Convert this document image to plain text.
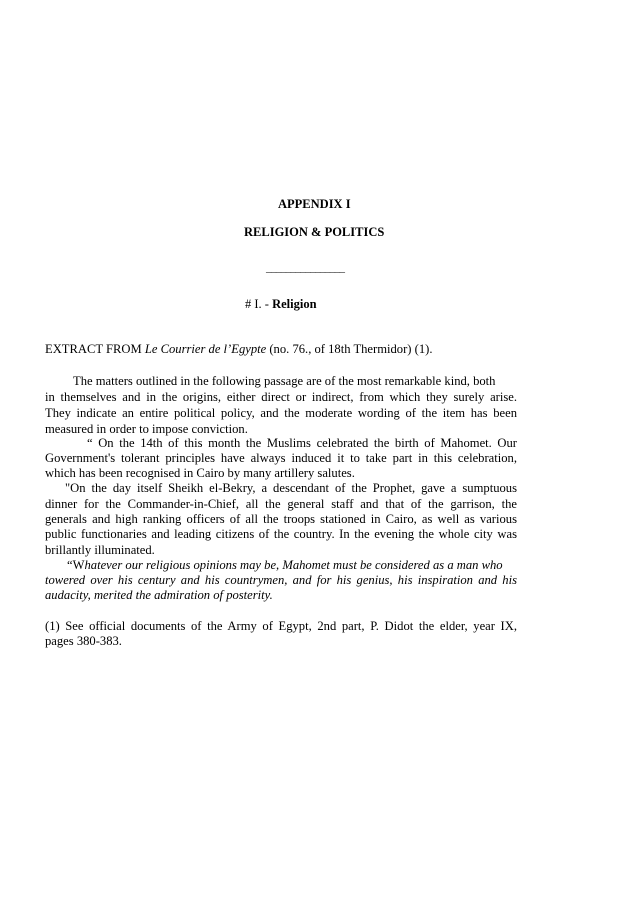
APPENDIX I
RELIGION & POLITICS
________________
# I. - Religion
EXTRACT FROM Le Courrier de l’Egypte (no. 76., of 18th Thermidor) (1).
The matters outlined in the following passage are of the most remarkable kind, both
in themselves and in the origins, either direct or indirect, from which they surely arise.
They indicate an entire political policy, and the moderate wording of the item has been
measured in order to impose conviction.
“ On the 14th of this month the Muslims celebrated the birth of Mahomet. Our
Government's tolerant principles have always induced it to take part in this celebration,
which has been recognised in Cairo by many artillery salutes.
"On the day itself Sheikh el-Bekry, a descendant of the Prophet, gave a sumptuous
dinner for the Commander-in-Chief, all the general staff and that of the garrison, the
generals and high ranking officers of all the troops stationed in Cairo, as well as various
public functionaries and leading citizens of the country. In the evening the whole city was
brillantly illuminated.
“Whatever our religious opinions may be, Mahomet must be considered as a man who
towered over his century and his countrymen, and for his genius, his inspiration and his
audacity, merited the admiration of posterity.
(1) See official documents of the Army of Egypt, 2nd part, P. Didot the elder, year IX,
pages 380-383.
